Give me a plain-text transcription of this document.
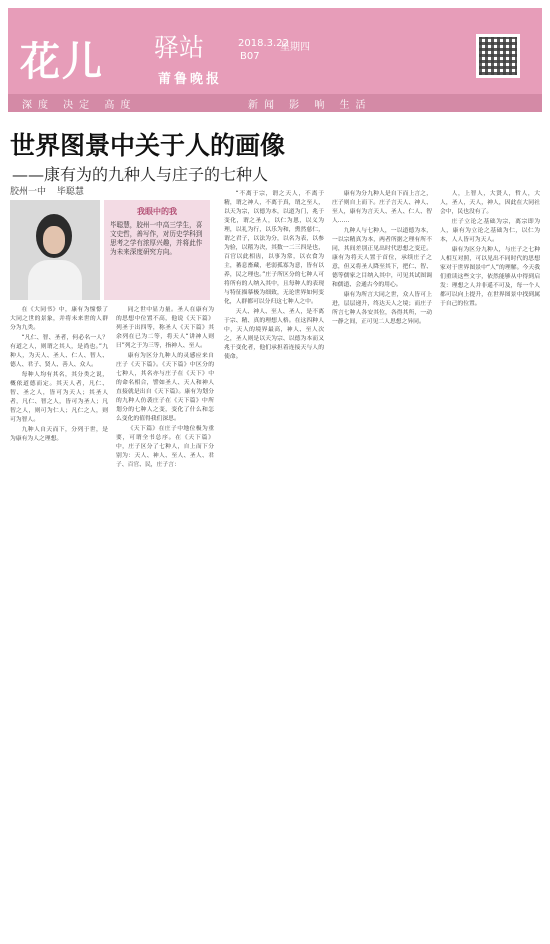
花儿 驿站	2018.3.22
星期四
B07
莆鲁晚报
深度 决定 高度	新闻 影 响 生活
世界图景中关于人的画像
——康有为的九种人与庄子的七种人
胶州一中 毕聪慧
我眼中的我
毕聪慧，胶州一中高三学生，喜文史哲，善写作，对历史学科到思考之学有浓厚兴趣，并将此作为未来深度研究方向。

在《大同书》中，康有为憧憬了大同之世的景象，并将未来世的人群分为九类。

“凡仁、智、圣者，何必名一人？有道之人，则谓之其人，是尚也。”九种人，为天人、圣人、仁人、智人、德人、君子、贤人、善人、众人。

每种人均有其名，其分类之说，概依道德而定。其天人者，凡仁、智、圣之人，皆可为天人；其圣人者，凡仁、智之人，皆可为圣人；凡智之人，则可为仁人；凡仁之人，则可为智人。

九种人自天而下，分列于世，是为康有为人之理想。

同之世中显力量。圣人在康有为的思想中位置不高，他说《天下篇》列圣于出四等，称圣人《天下篇》其余列在已为二等，将天人“讲神人则曰”列之于为三等，指神人、至人。

康有为区分九种人的灵感应来自庄子《天下篇》。《天下篇》中区分的七种人，其名亦与庄子在《天下》中的命名相合，譬如圣人、天人和神人直接就是出自《天下篇》。康有为划分的九种人仿袭庄子在《天下篇》中所划分的七种人之变，变化了什么和怎么变化的值得我们深思。

《天下篇》在庄子中地位极为重要，可谓全书总序。在《天下篇》中，庄子区分了七种人，自上而下分别为：天人、神人、至人、圣人、君子、百官、民，庄子言：

“不离于宗，谓之天人，不离于精，谓之神人，不离于真，谓之至人，以天为宗，以德为本，以道为门，兆于变化，谓之圣人，以仁为恩，以义为理，以礼为行，以乐为和，熏然慈仁，谓之君子，以法为分，以名为表，以参为验，以稽为决，其数一二三四是也，百官以此相齿，以事为常，以衣食为主，蕃息畜藏，老弱孤寡为意，皆有以养，民之理也。”庄子所区分的七种人可将所有的人纳入其中，且每种人的表现与特征描摹极为细致，无论世界如何变化，人群都可以分归这七种人之中。

天人、神人、至人、圣人，是不离于宗、精、真的理想人格。在这四种人中，天人的境界最高，神人、至人次之，圣人则是以天为宗、以德为本而又兆于变化者，他们承担着连接天与人的使命。

康有为分九种人是自下而上言之，庄子则自上而下。庄子言天人、神人、至人，康有为言天人、圣人、仁人、智人……

九种人与七种人，一以道德为本，一以宗精真为本，两者所据之理有所不同，其间差别正见出时代思想之变迁。康有为将天人置于首位，承续庄子之意，但又将圣人降至其下，把仁、智、德等儒家之目纳入其中，可见其试图调和儒道、会通古今的用心。

康有为所言大同之世，众人皆可上进，层层递升，终达天人之境；而庄子所言七种人各安其位，各得其所，一动一静之间，正可见二人思想之异同。

人，上智人，大贤人，哲人，大人，圣人，天人，神人，因此在大同社会中，民也没有了。

庄子立论之基础为宗，离宗即为人，康有为立论之基础为仁，以仁为本，人人皆可为天人。

康有为区分九种人，与庄子之七种人相互对照，可以见出不同时代的思想家对于世界图景中“人”的理解。今天我们重读这些文字，依然能够从中得到启发：理想之人并非遥不可及，每一个人都可以向上提升，在世界图景中找到属于自己的位置。
